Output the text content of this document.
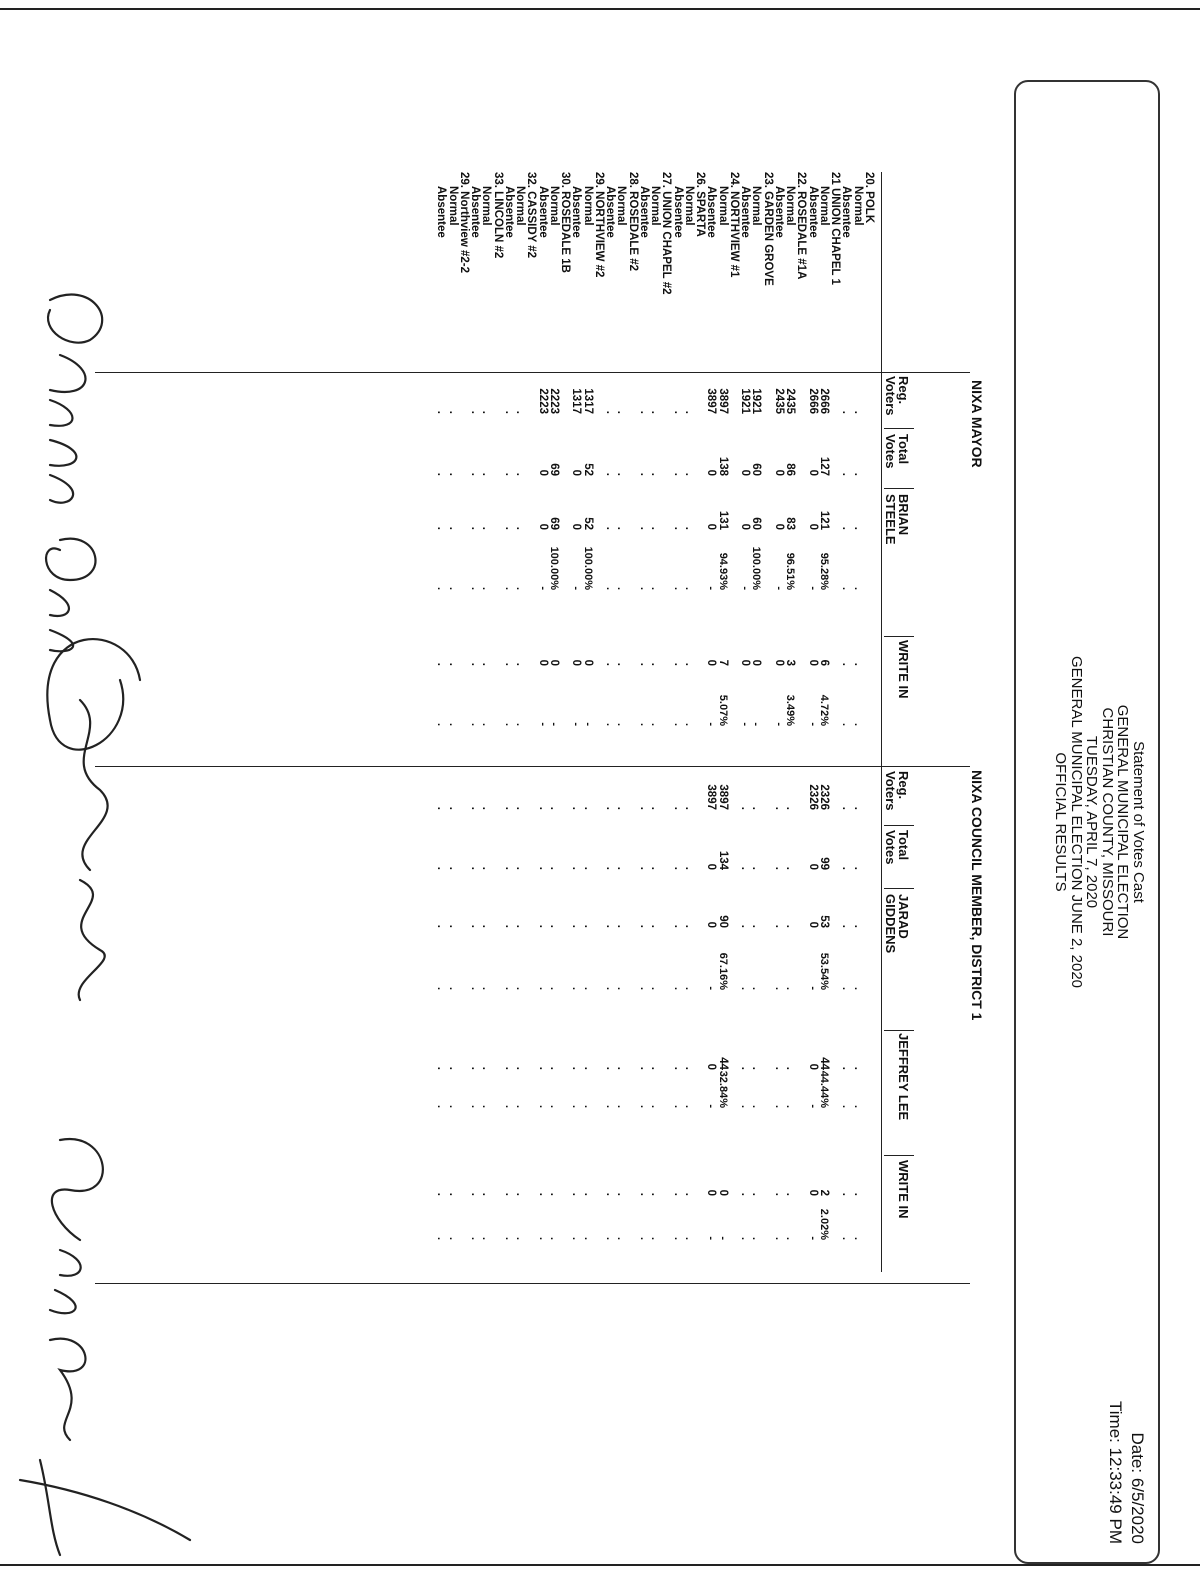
Statement of Votes Cast
GENERAL MUNICIPAL ELECTION
CHRISTIAN COUNTY, MISSOURI
TUESDAY, APRIL 7, 2020
GENERAL MUNICIPAL ELECTION JUNE 2, 2020
OFFICIAL RESULTS
Date: 6/5/2020
Time: 12:33:49 PM
NIXA MAYOR
NIXA COUNCIL MEMBER, DISTRICT 1
Reg.
Voters
Total
Votes
BRIAN
STEELE
WRITE IN
Reg.
Voters
Total
Votes
JARAD
GIDDENS
JEFFREY LEE
WRITE IN
20. POLK
Normal
.
.
.
.
.
.
.
.
.
.
.
.
.
.
Absentee
.
.
.
.
.
.
.
.
.
.
.
.
.
.
21 UNION CHAPEL 1
Normal
2666
127
121
95.28%
6
4.72%
2326
99
53
53.54%
44
44.44%
2
2.02%
Absentee
2666
0
0
-
0
-
2326
0
0
-
0
-
0
-
22. ROSEDALE #1A
Normal
2435
86
83
96.51%
3
3.49%
.
.
.
.
.
.
.
.
Absentee
2435
0
0
-
0
-
.
.
.
.
.
.
.
.
23. GARDEN GROVE
Normal
1921
60
60
100.00%
0
-
.
.
.
.
.
.
.
.
Absentee
1921
0
0
-
0
-
.
.
.
.
.
.
.
.
24. NORTHVIEW #1
Normal
3897
138
131
94.93%
7
5.07%
3897
134
90
67.16%
44
32.84%
0
-
Absentee
3897
0
0
-
0
-
3897
0
0
-
0
-
0
-
26. SPARTA
Normal
.
.
.
.
.
.
.
.
.
.
.
.
.
.
Absentee
.
.
.
.
.
.
.
.
.
.
.
.
.
.
27. UNION CHAPEL #2
Normal
.
.
.
.
.
.
.
.
.
.
.
.
.
.
Absentee
.
.
.
.
.
.
.
.
.
.
.
.
.
.
28. ROSEDALE #2
Normal
.
.
.
.
.
.
.
.
.
.
.
.
.
.
Absentee
.
.
.
.
.
.
.
.
.
.
.
.
.
.
29. NORTHVIEW #2
Normal
1317
52
52
100.00%
0
-
.
.
.
.
.
.
.
.
Absentee
1317
0
0
-
0
-
.
.
.
.
.
.
.
.
30. ROSEDALE 1B
Normal
2223
69
69
100.00%
0
-
.
.
.
.
.
.
.
.
Absentee
2223
0
0
-
0
-
.
.
.
.
.
.
.
.
32. CASSIDY #2
Normal
.
.
.
.
.
.
.
.
.
.
.
.
.
.
Absentee
.
.
.
.
.
.
.
.
.
.
.
.
.
.
33. LINCOLN #2
Normal
.
.
.
.
.
.
.
.
.
.
.
.
.
.
Absentee
.
.
.
.
.
.
.
.
.
.
.
.
.
.
29. Northview #2-2
Normal
.
.
.
.
.
.
.
.
.
.
.
.
.
.
Absentee
.
.
.
.
.
.
.
.
.
.
.
.
.
.
